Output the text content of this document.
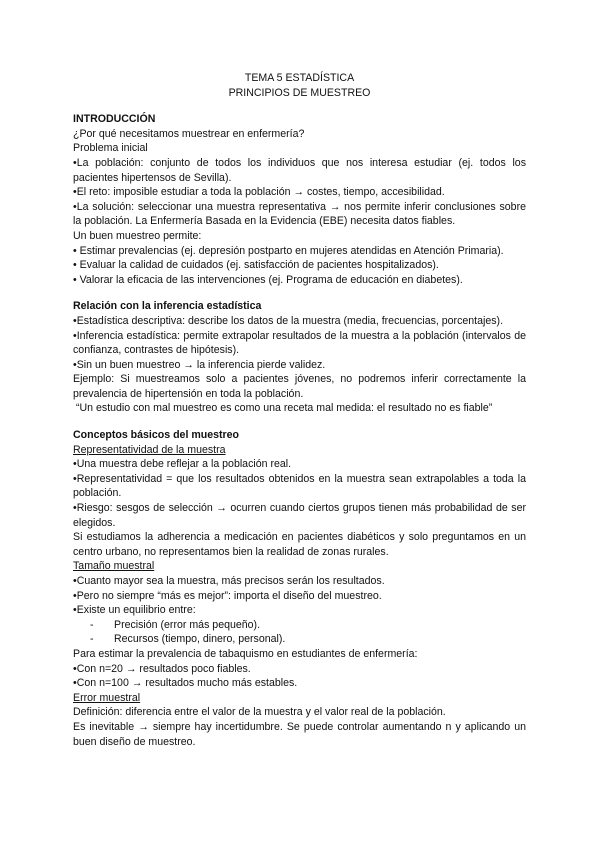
TEMA 5 ESTADÍSTICA

PRINCIPIOS DE MUESTREO

INTRODUCCIÓN

¿Por qué necesitamos muestrear en enfermería?

Problema inicial

•La población: conjunto de todos los individuos que nos interesa estudiar (ej. todos los pacientes hipertensos de Sevilla).

•El reto: imposible estudiar a toda la población → costes, tiempo, accesibilidad.

•La solución: seleccionar una muestra representativa → nos permite inferir conclusiones sobre la población. La Enfermería Basada en la Evidencia (EBE) necesita datos fiables.

Un buen muestreo permite:

• Estimar prevalencias (ej. depresión postparto en mujeres atendidas en Atención Primaria).

• Evaluar la calidad de cuidados (ej. satisfacción de pacientes hospitalizados).

• Valorar la eficacia de las intervenciones (ej. Programa de educación en diabetes).

Relación con la inferencia estadística

•Estadística descriptiva: describe los datos de la muestra (media, frecuencias, porcentajes).

•Inferencia estadística: permite extrapolar resultados de la muestra a la población (intervalos de confianza, contrastes de hipótesis).

•Sin un buen muestreo → la inferencia pierde validez.

Ejemplo: Si muestreamos solo a pacientes jóvenes, no podremos inferir correctamente la prevalencia de hipertensión en toda la población.

“Un estudio con mal muestreo es como una receta mal medida: el resultado no es fiable”

Conceptos básicos del muestreo

Representatividad de la muestra

•Una muestra debe reflejar a la población real.

•Representatividad = que los resultados obtenidos en la muestra sean extrapolables a toda la población.

•Riesgo: sesgos de selección → ocurren cuando ciertos grupos tienen más probabilidad de ser elegidos.

Si estudiamos la adherencia a medicación en pacientes diabéticos y solo preguntamos en un centro urbano, no representamos bien la realidad de zonas rurales.

Tamaño muestral

•Cuanto mayor sea la muestra, más precisos serán los resultados.

•Pero no siempre “más es mejor”: importa el diseño del muestreo.

•Existe un equilibrio entre:

- Precisión (error más pequeño).

- Recursos (tiempo, dinero, personal).

Para estimar la prevalencia de tabaquismo en estudiantes de enfermería:

•Con n=20 → resultados poco fiables.

•Con n=100 → resultados mucho más estables.

Error muestral

Definición: diferencia entre el valor de la muestra y el valor real de la población.

Es inevitable → siempre hay incertidumbre. Se puede controlar aumentando n y aplicando un buen diseño de muestreo.
